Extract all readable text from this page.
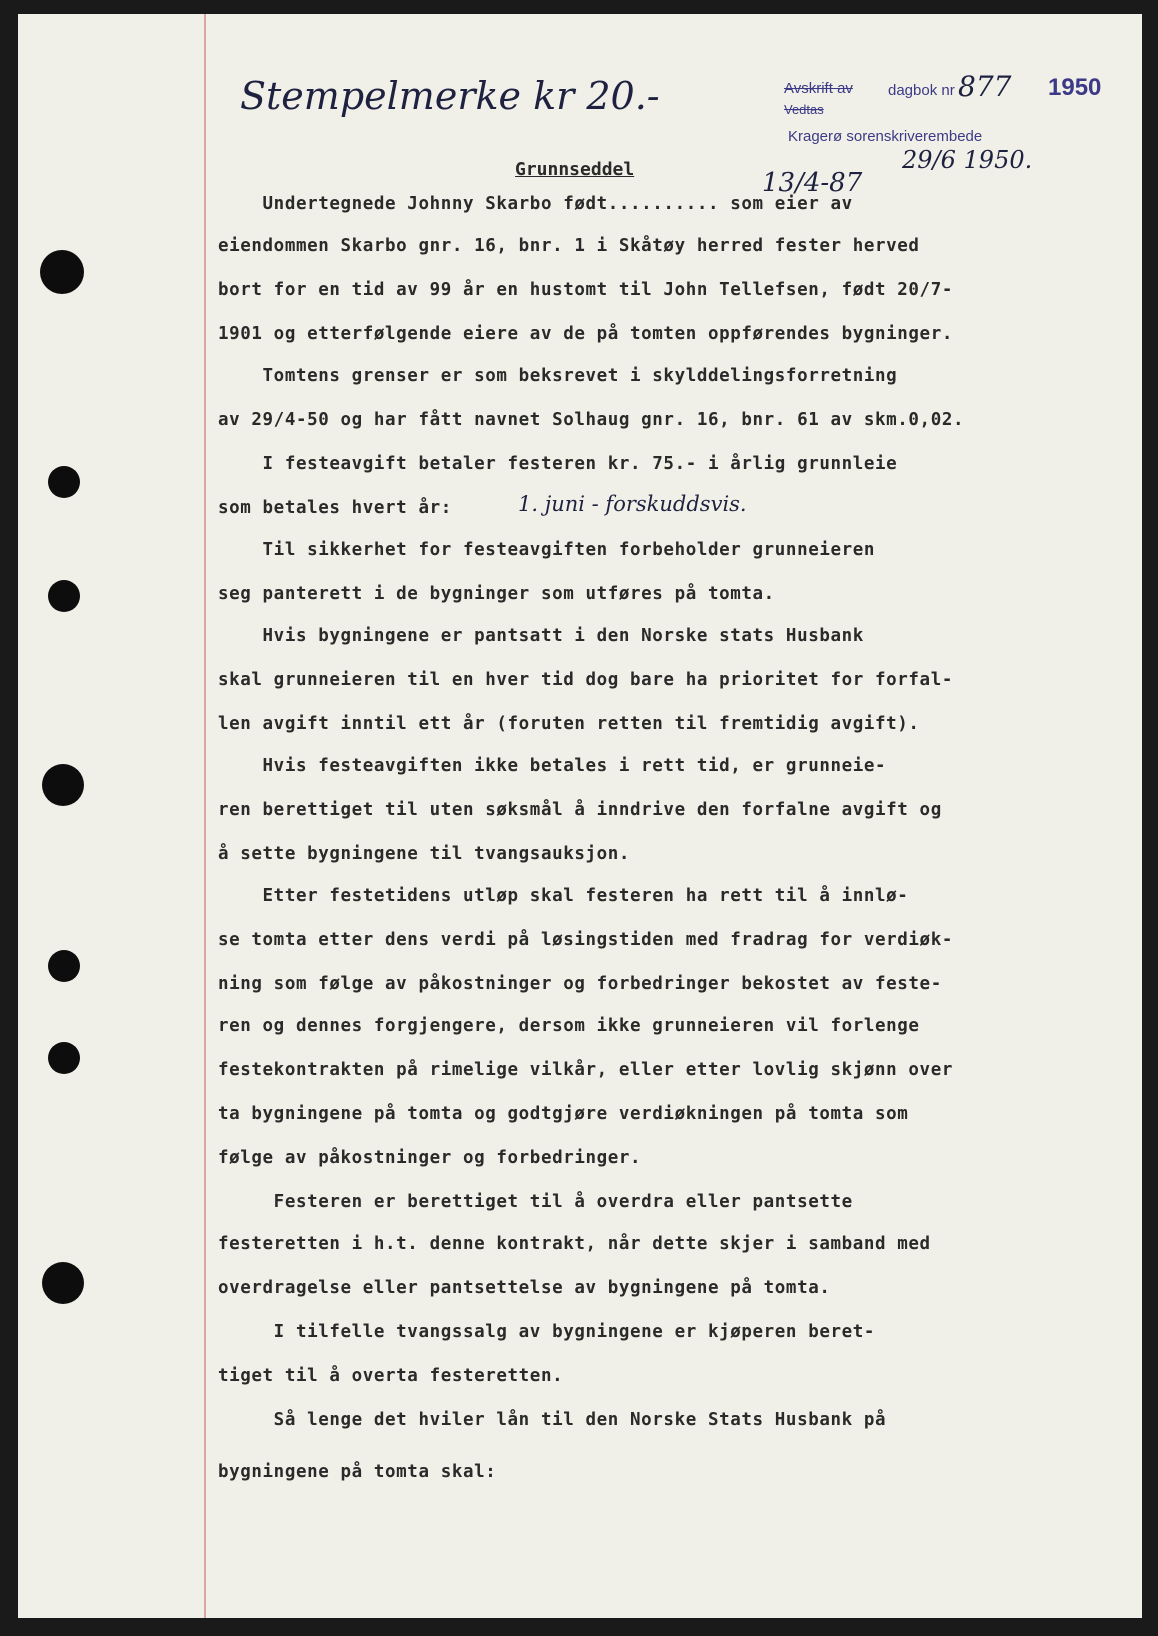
Stempelmerke kr 20.-	Avskrift av dagbok nr 877 1950
Vedtas
Kragerø sorenskriverembede
29/6 1950.
Grunnseddel	13/4-87
Undertegnede Johnny Skarbo født.......... som eier av
eiendommen Skarbo gnr. 16, bnr. 1 i Skåtøy herred fester herved
bort for en tid av 99 år en hustomt til John Tellefsen, født 20/7-
1901 og etterfølgende eiere av de på tomten oppførendes bygninger.
Tomtens grenser er som beksrevet i skylddelingsforretning
av 29/4-50 og har fått navnet Solhaug gnr. 16, bnr. 61 av skm.0,02.
I festeavgift betaler festeren kr. 75.- i årlig grunnleie
som betales hvert år:	1. juni - forskuddsvis.
Til sikkerhet for festeavgiften forbeholder grunneieren
seg panterett i de bygninger som utføres på tomta.
Hvis bygningene er pantsatt i den Norske stats Husbank
skal grunneieren til en hver tid dog bare ha prioritet for forfal-
len avgift inntil ett år (foruten retten til fremtidig avgift).
Hvis festeavgiften ikke betales i rett tid, er grunneie-
ren berettiget til uten søksmål å inndrive den forfalne avgift og
å sette bygningene til tvangsauksjon.
Etter festetidens utløp skal festeren ha rett til å innlø-
se tomta etter dens verdi på løsingstiden med fradrag for verdiøk-
ning som følge av påkostninger og forbedringer bekostet av feste-
ren og dennes forgjengere, dersom ikke grunneieren vil forlenge
festekontrakten på rimelige vilkår, eller etter lovlig skjønn over
ta bygningene på tomta og godtgjøre verdiøkningen på tomta som
følge av påkostninger og forbedringer.
Festeren er berettiget til å overdra eller pantsette
festeretten i h.t. denne kontrakt, når dette skjer i samband med
overdragelse eller pantsettelse av bygningene på tomta.
I tilfelle tvangssalg av bygningene er kjøperen beret-
tiget til å overta festeretten.
Så lenge det hviler lån til den Norske Stats Husbank på
bygningene på tomta skal:
